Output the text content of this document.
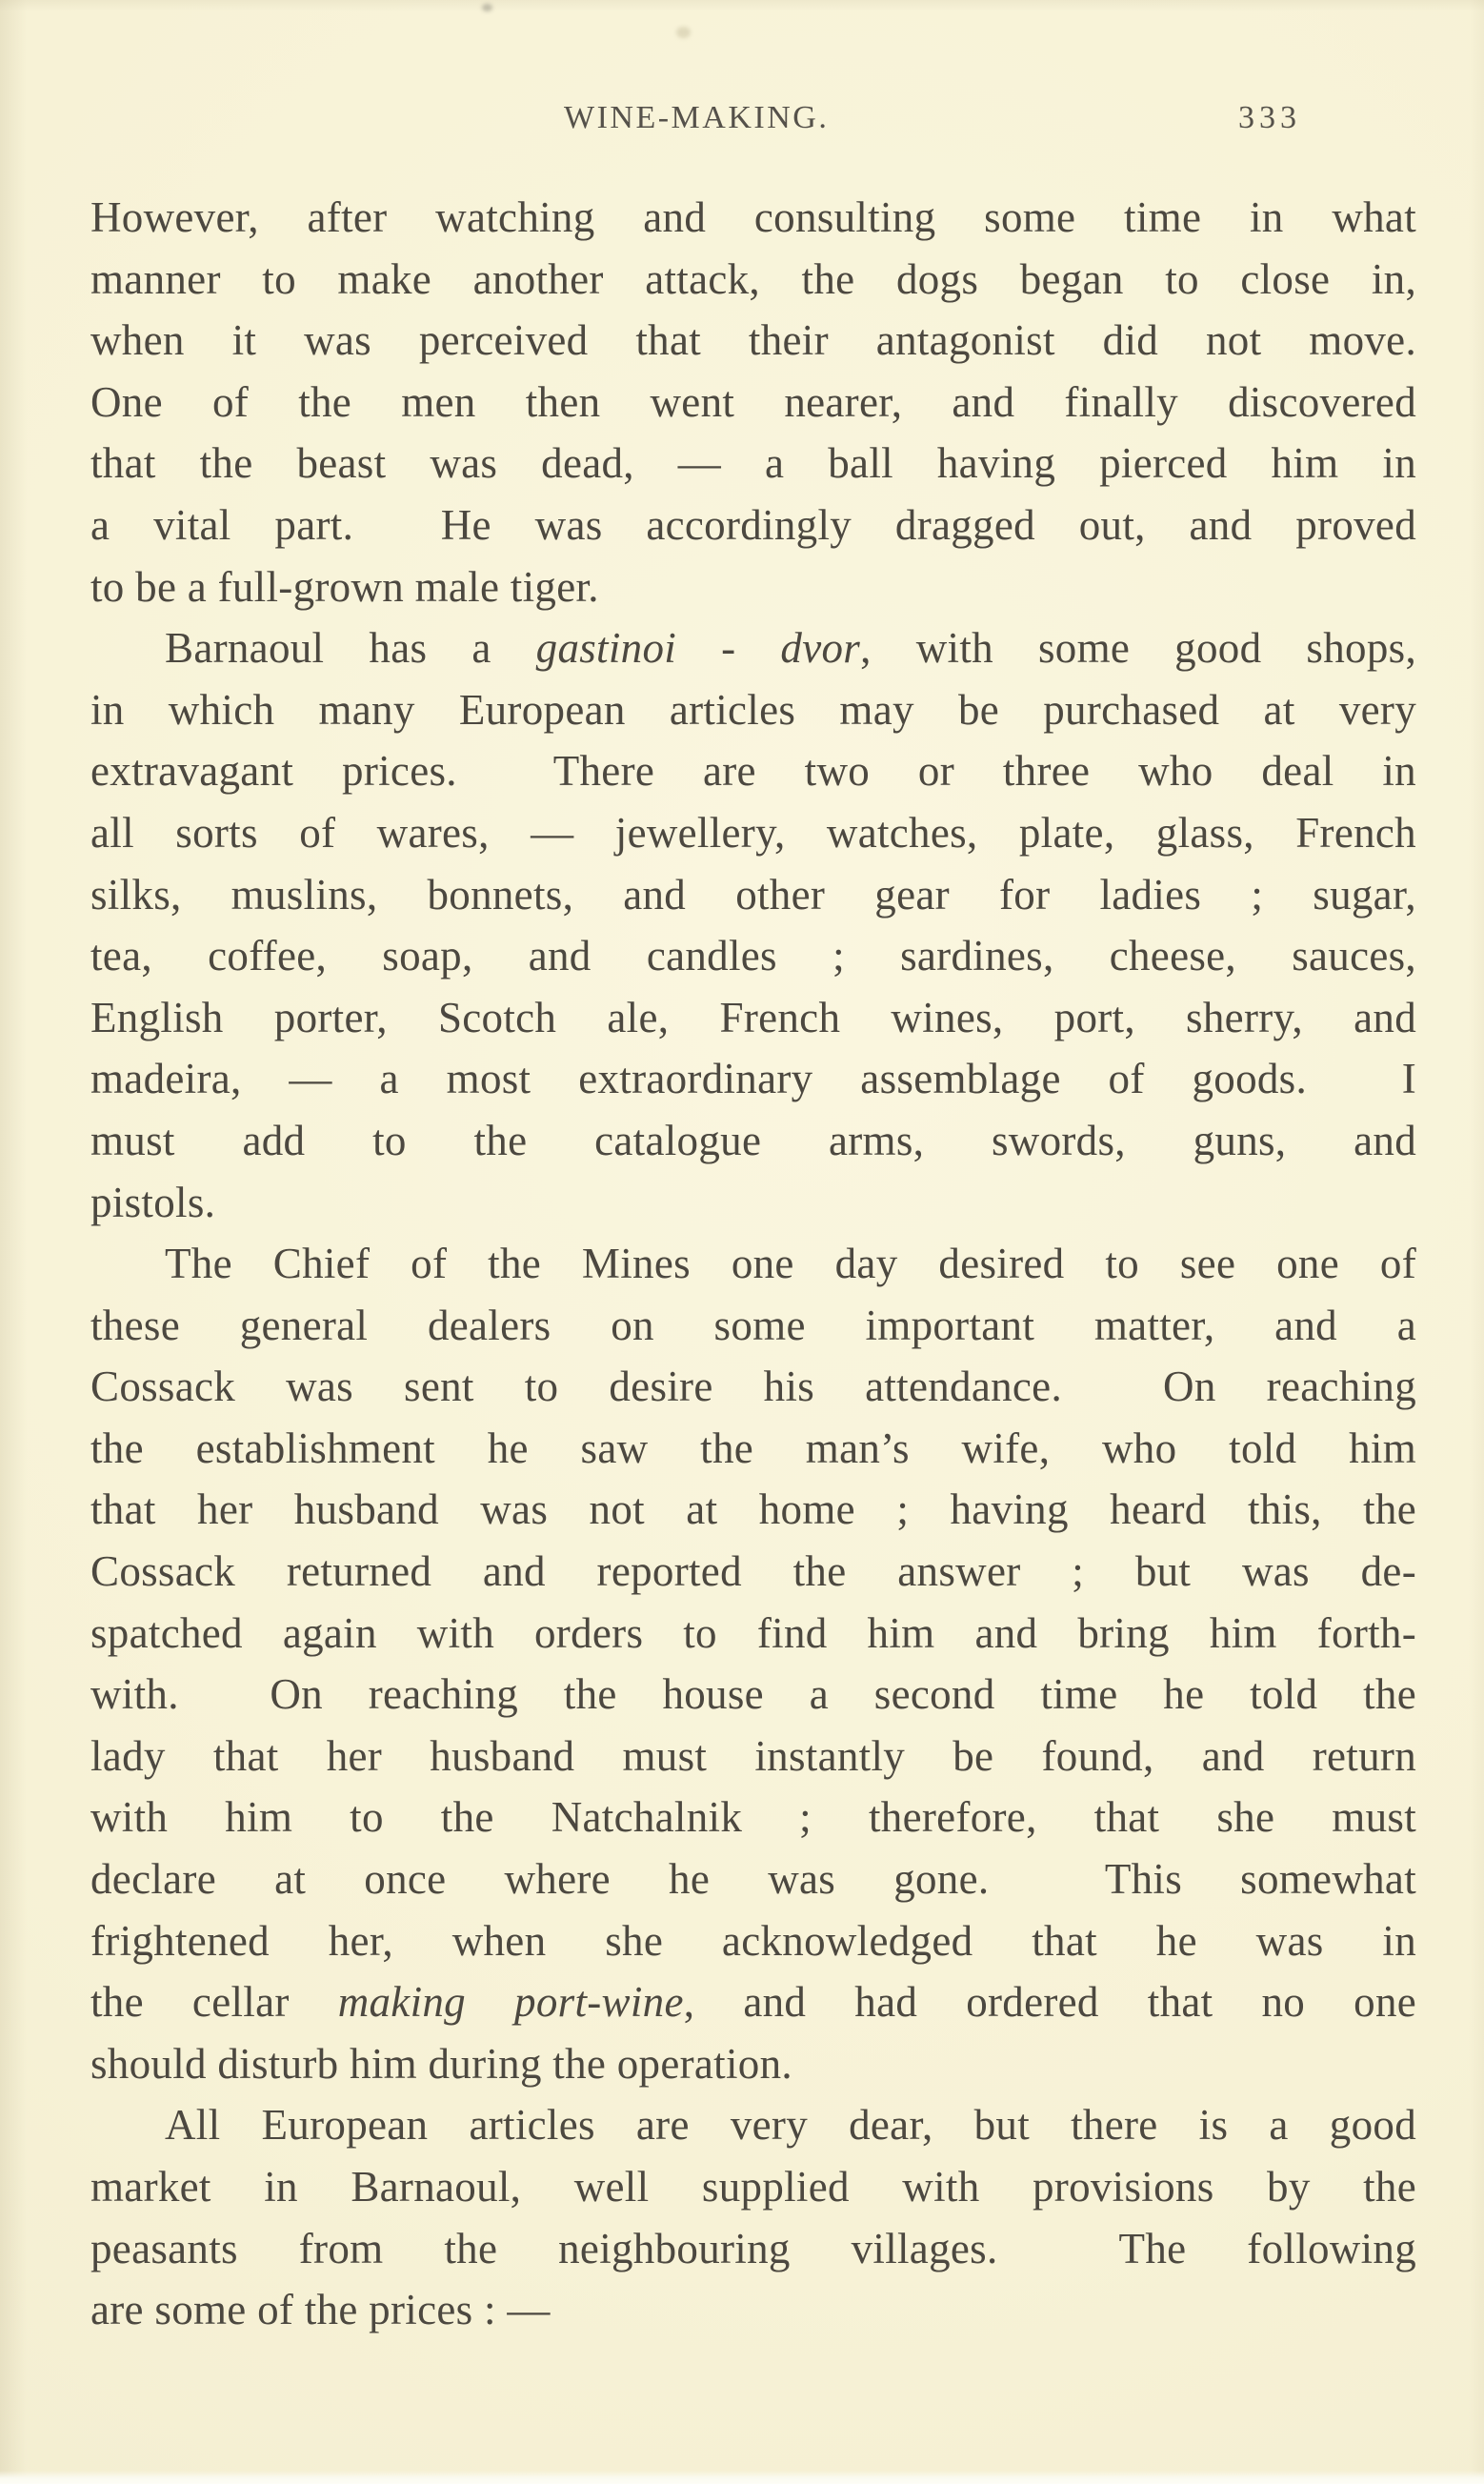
WINE-MAKING.	333
However, after watching and consulting some time in what
manner to make another attack, the dogs began to close in,
when it was perceived that their antagonist did not move.
One of the men then went nearer, and finally discovered
that the beast was dead, — a ball having pierced him in
a vital part.  He was accordingly dragged out, and proved
to be a full-grown male tiger.
Barnaoul has a gastinoi - dvor, with some good shops,
in which many European articles may be purchased at very
extravagant prices.  There are two or three who deal in
all sorts of wares, — jewellery, watches, plate, glass, French
silks, muslins, bonnets, and other gear for ladies ; sugar,
tea, coffee, soap, and candles ; sardines, cheese, sauces,
English porter, Scotch ale, French wines, port, sherry, and
madeira, — a most extraordinary assemblage of goods.  I
must add to the catalogue arms, swords, guns, and
pistols.
The Chief of the Mines one day desired to see one of
these general dealers on some important matter, and a
Cossack was sent to desire his attendance.  On reaching
the establishment he saw the man’s wife, who told him
that her husband was not at home ; having heard this, the
Cossack returned and reported the answer ; but was de-
spatched again with orders to find him and bring him forth-
with.  On reaching the house a second time he told the
lady that her husband must instantly be found, and return
with him to the Natchalnik ; therefore, that she must
declare at once where he was gone.  This somewhat
frightened her, when she acknowledged that he was in
the cellar making port-wine, and had ordered that no one
should disturb him during the operation.
All European articles are very dear, but there is a good
market in Barnaoul, well supplied with provisions by the
peasants from the neighbouring villages.  The following
are some of the prices : —
